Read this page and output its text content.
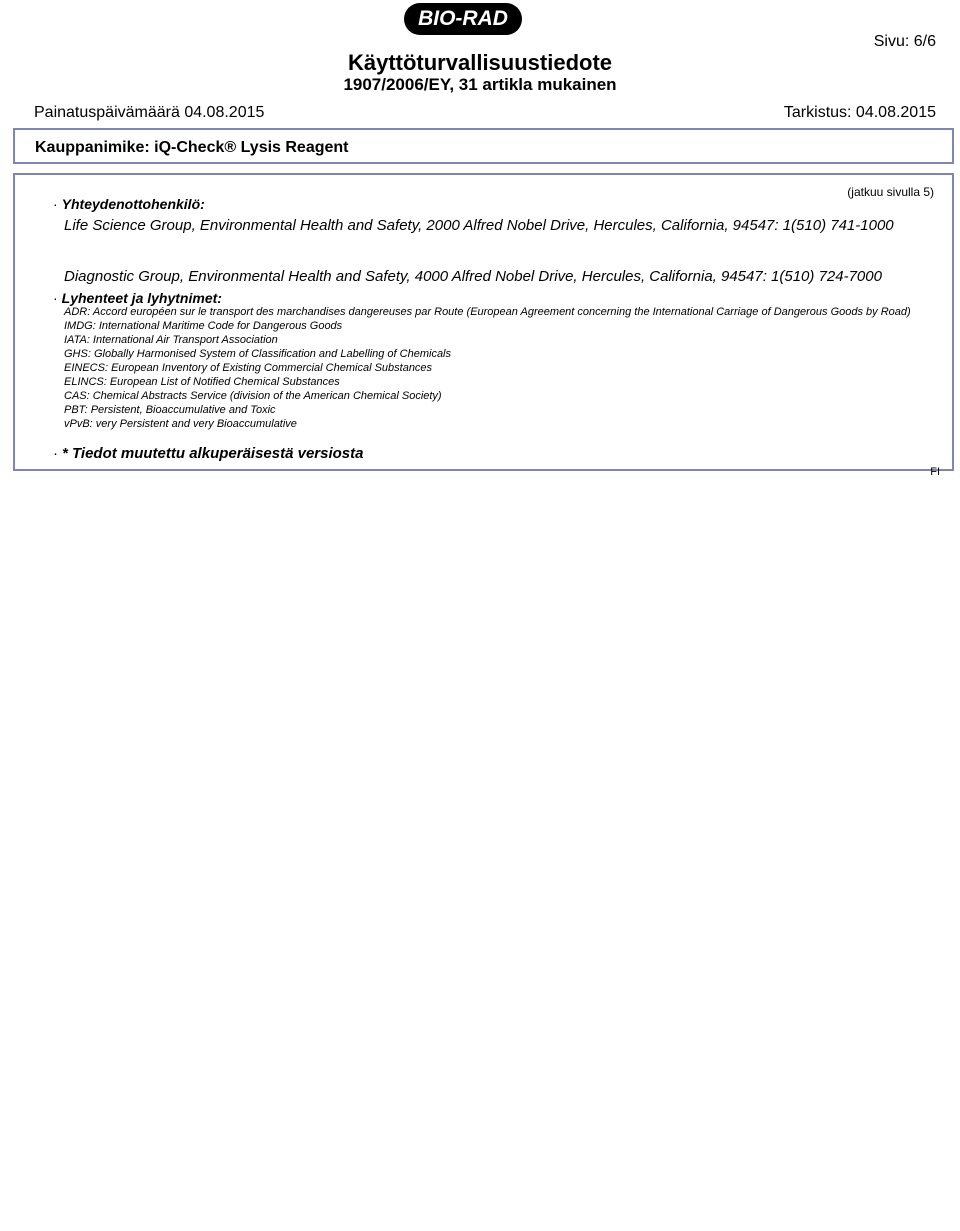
BIO-RAD
Sivu: 6/6
Käyttöturvallisuustiedote
1907/2006/EY, 31 artikla mukainen
Painatuspäivämäärä 04.08.2015	Tarkistus: 04.08.2015
Kauppanimike: iQ-Check® Lysis Reagent
(jatkuu sivulla 5)
· Yhteydenottohenkilö:
Life Science Group, Environmental Health and Safety, 2000 Alfred Nobel Drive, Hercules, California, 94547: 1(510) 741-1000
Diagnostic Group, Environmental Health and Safety, 4000 Alfred Nobel Drive, Hercules, California, 94547: 1(510) 724-7000
· Lyhenteet ja lyhytnimet:

ADR: Accord européen sur le transport des marchandises dangereuses par Route (European Agreement concerning the International Carriage of Dangerous Goods by Road)

IMDG: International Maritime Code for Dangerous Goods

IATA: International Air Transport Association

GHS: Globally Harmonised System of Classification and Labelling of Chemicals

EINECS: European Inventory of Existing Commercial Chemical Substances

ELINCS: European List of Notified Chemical Substances

CAS: Chemical Abstracts Service (division of the American Chemical Society)

PBT: Persistent, Bioaccumulative and Toxic

vPvB: very Persistent and very Bioaccumulative

· * Tiedot muutettu alkuperäisestä versiosta
FI
